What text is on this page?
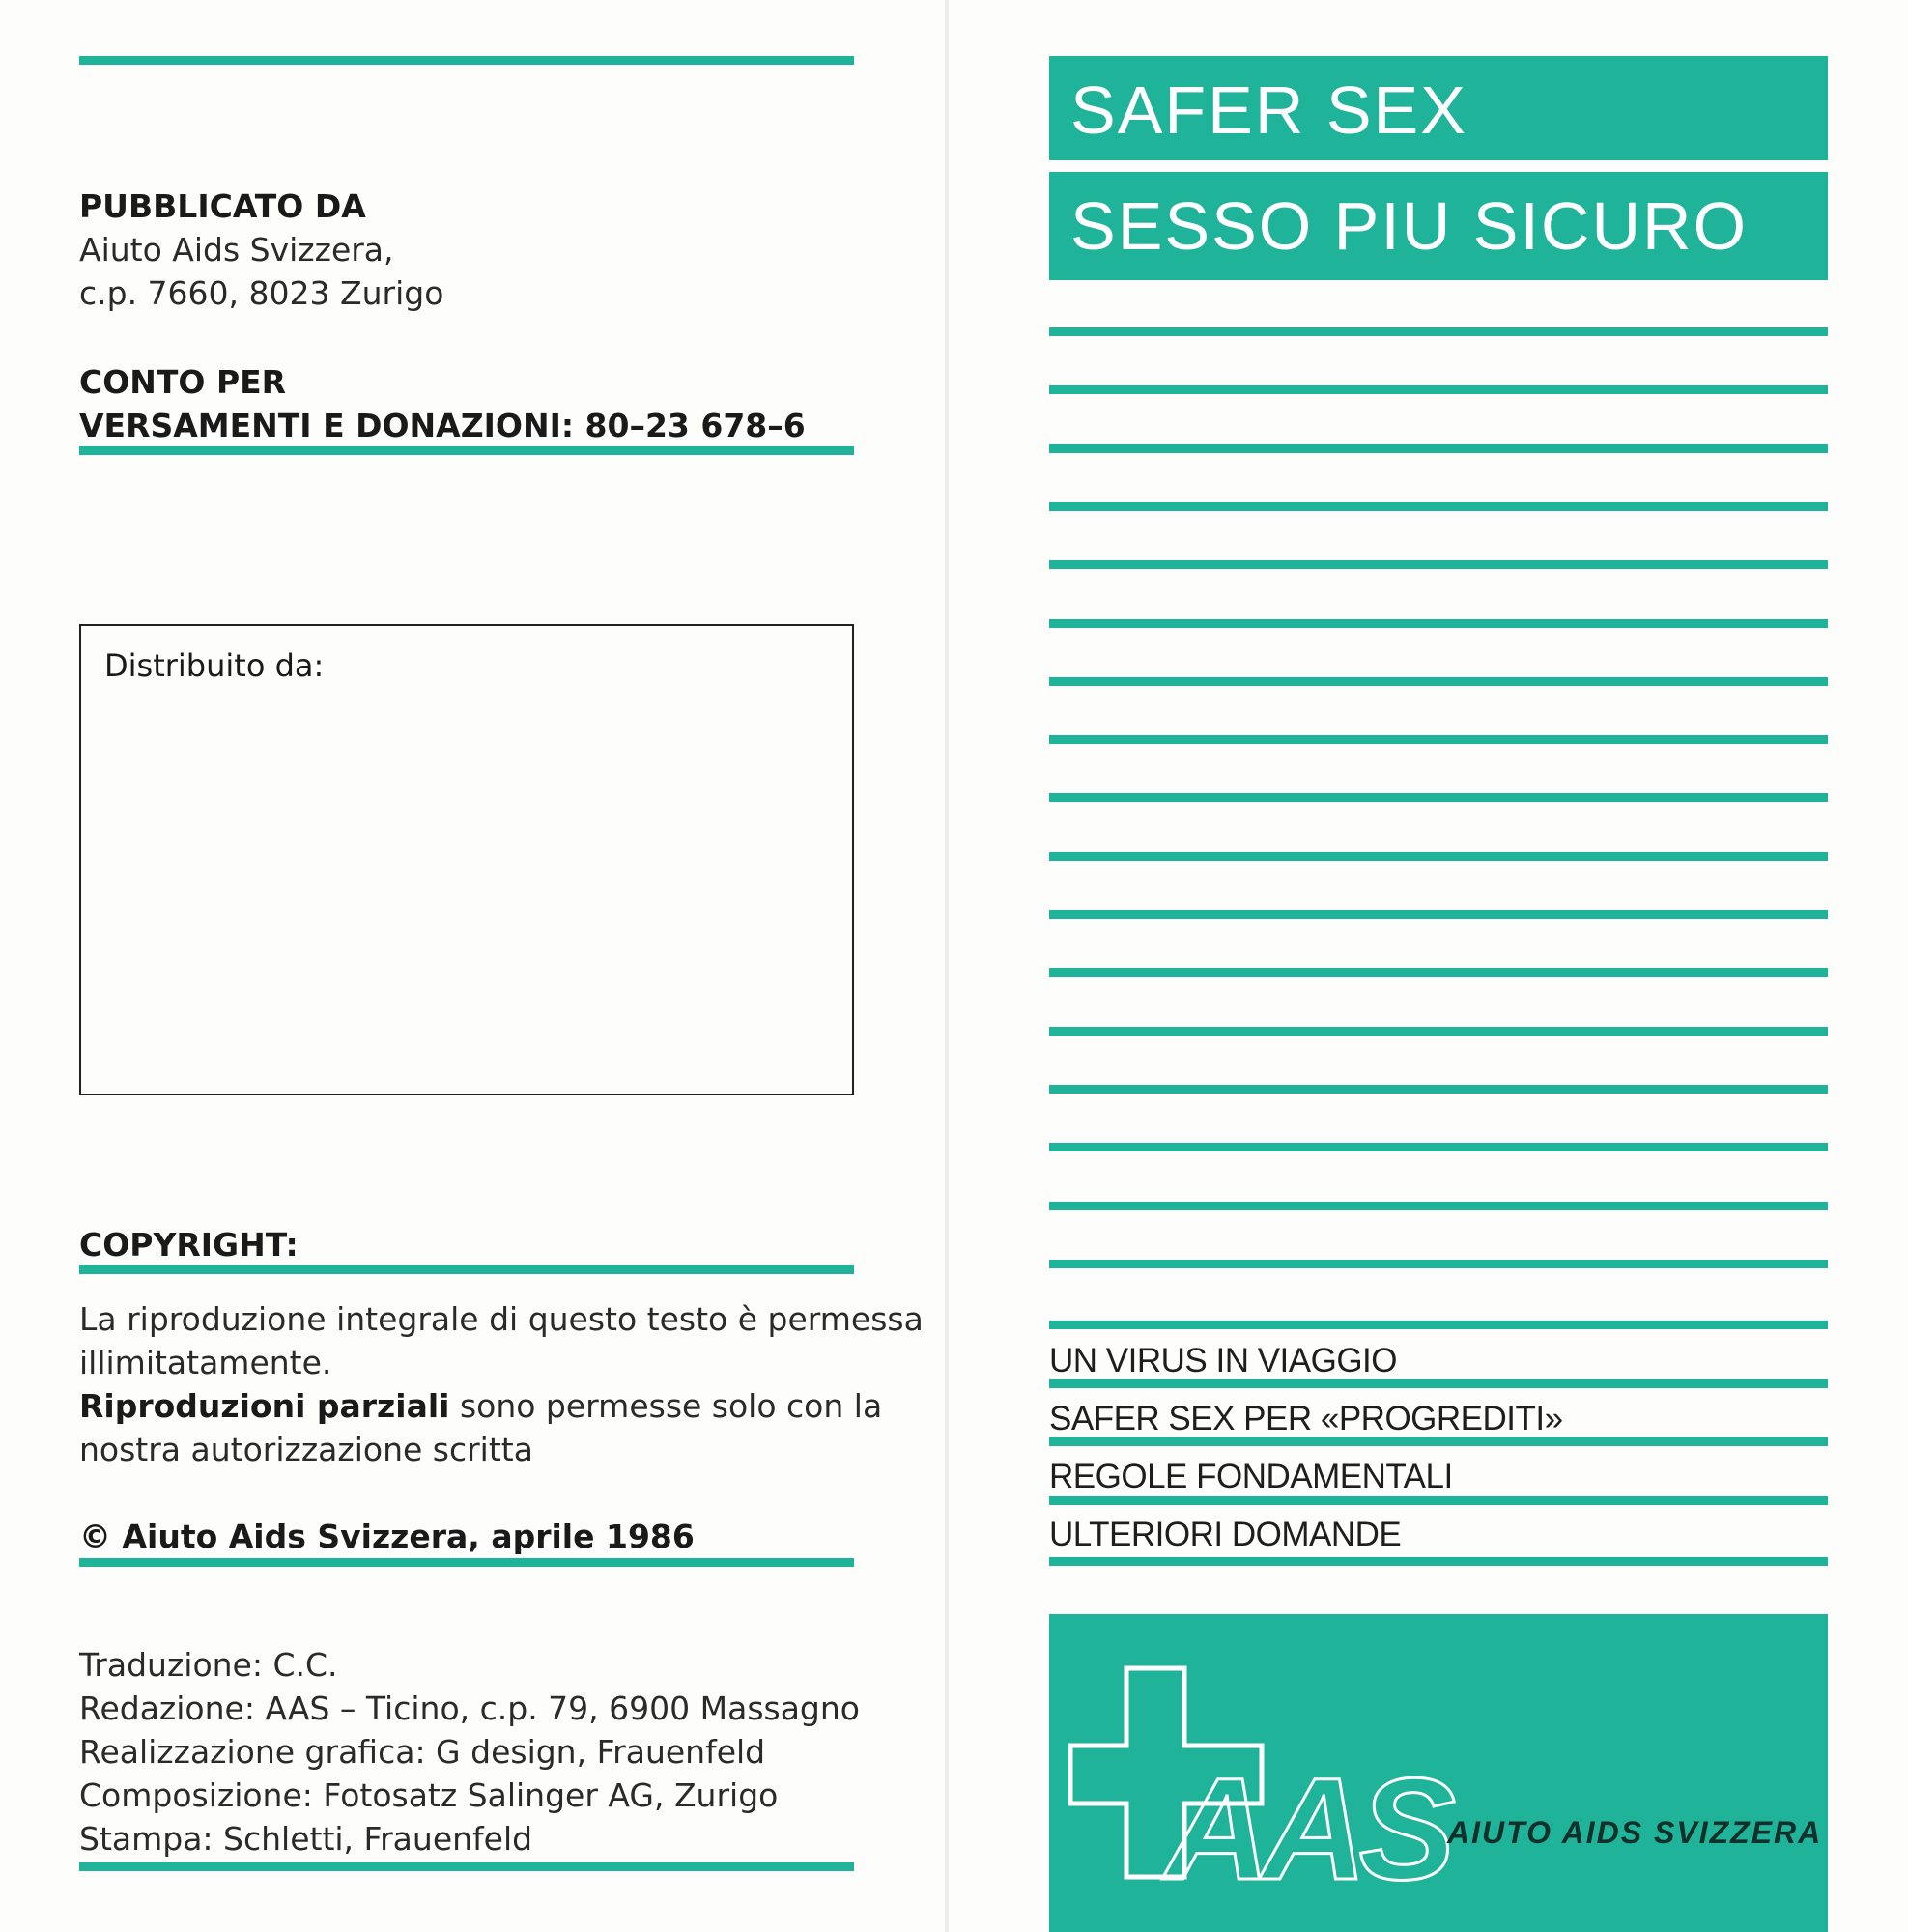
PUBBLICATO DA
Aiuto Aids Svizzera,
c.p. 7660, 8023 Zurigo
CONTO PER
VERSAMENTI E DONAZIONI: 80–23 678–6
Distribuito da:
COPYRIGHT:
La riproduzione integrale di questo testo è permessa
illimitatamente.
Riproduzioni parziali sono permesse solo con la
nostra autorizzazione scritta
© Aiuto Aids Svizzera, aprile 1986
Traduzione: C.C.
Redazione: AAS – Ticino, c.p. 79, 6900 Massagno
Realizzazione grafica: G design, Frauenfeld
Composizione: Fotosatz Salinger AG, Zurigo
Stampa: Schletti, Frauenfeld
SAFER SEX
SESSO PIU SICURO
UN VIRUS IN VIAGGIO
SAFER SEX PER «PROGREDITI»
REGOLE FONDAMENTALI
ULTERIORI DOMANDE
AAS AIUTO AIDS SVIZZERA
